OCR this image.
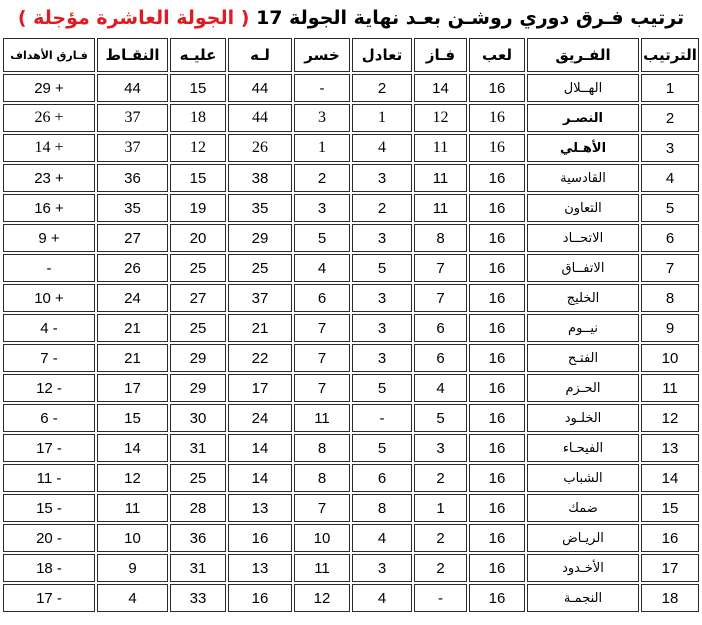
ترتيب فـرق دوري روشـن بعـد نهاية الجولة 17 ( الجولة العاشرة مؤجلة )
الترتيب	الفـريق	لعب	فـاز	تعادل	خسر	لـه	عليـه	النقـاط	فـارق الأهداف
1	الهــلال	16	14	2	-	44	15	44	29 +
2	النصـر	16	12	1	3	44	18	37	26 +
3	الأهـلي	16	11	4	1	26	12	37	14 +
4	القادسية	16	11	3	2	38	15	36	23 +
5	التعاون	16	11	2	3	35	19	35	16 +
6	الاتحــاد	16	8	3	5	29	20	27	9 +
7	الاتفــاق	16	7	5	4	25	25	26	-
8	الخليج	16	7	3	6	37	27	24	10 +
9	نيــوم	16	6	3	7	21	25	21	4 -
10	الفتـح	16	6	3	7	22	29	21	7 -
11	الحـزم	16	4	5	7	17	29	17	12 -
12	الخلـود	16	5	-	11	24	30	15	6 -
13	الفيحـاء	16	3	5	8	14	31	14	17 -
14	الشباب	16	2	6	8	14	25	12	11 -
15	ضمك	16	1	8	7	13	28	11	15 -
16	الريـاض	16	2	4	10	16	36	10	20 -
17	الأخـدود	16	2	3	11	13	31	9	18 -
18	النجمـة	16	-	4	12	16	33	4	17 -
